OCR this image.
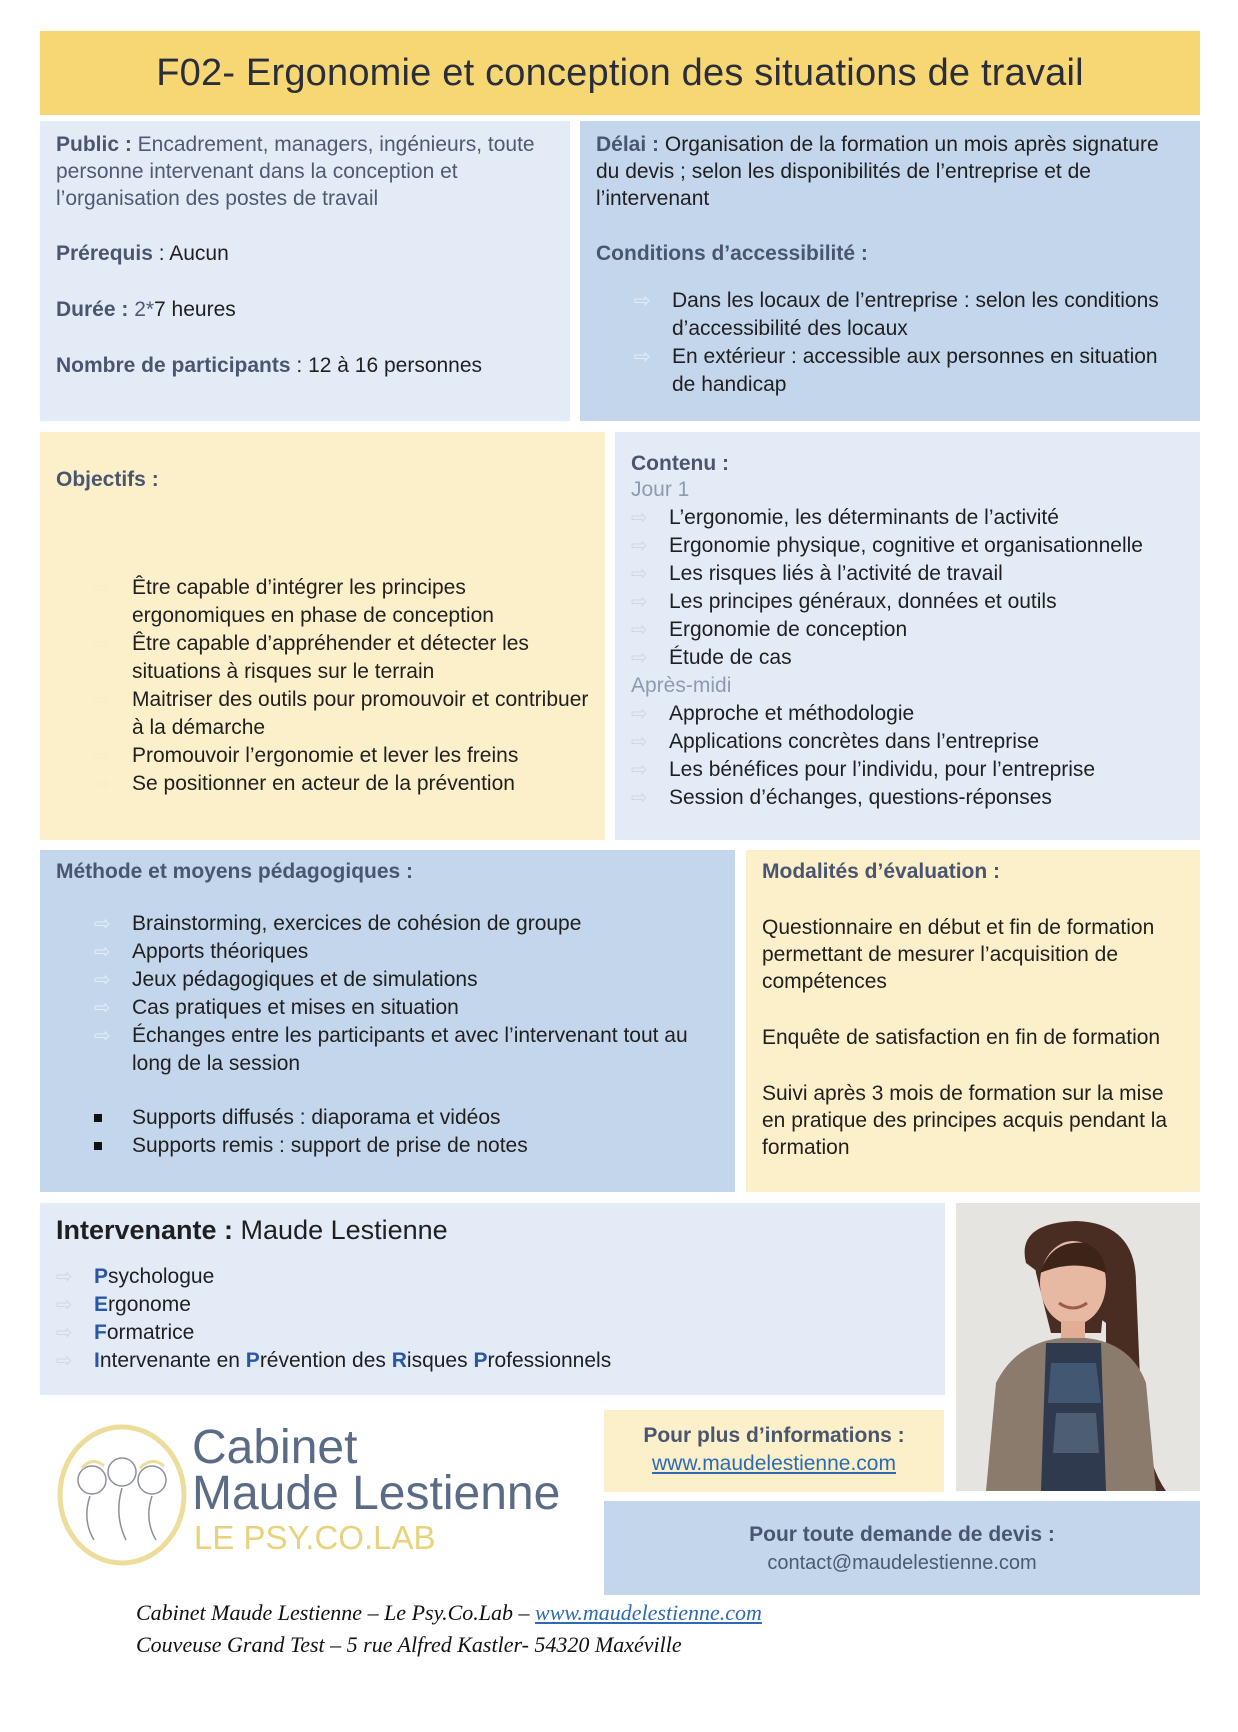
F02- Ergonomie et conception des situations de travail

Public : Encadrement, managers, ingénieurs, toute personne intervenant dans la conception et l’organisation des postes de travail

Prérequis : Aucun

Durée : 2*7 heures

Nombre de participants : 12 à 16 personnes

Délai : Organisation de la formation un mois après signature du devis ; selon les disponibilités de l’entreprise et de l’intervenant

Conditions d’accessibilité :

⇨ Dans les locaux de l’entreprise : selon les conditions d’accessibilité des locaux
⇨ En extérieur : accessible aux personnes en situation de handicap
Objectifs :
⇨ Être capable d’intégrer les principes ergonomiques en phase de conception
⇨ Être capable d’appréhender et détecter les situations à risques sur le terrain
⇨ Maitriser des outils pour promouvoir et contribuer à la démarche
⇨ Promouvoir l’ergonomie et lever les freins
⇨ Se positionner en acteur de la prévention
Contenu :
Jour 1
⇨ L’ergonomie, les déterminants de l’activité
⇨ Ergonomie physique, cognitive et organisationnelle
⇨ Les risques liés à l’activité de travail
⇨ Les principes généraux, données et outils
⇨ Ergonomie de conception
⇨ Étude de cas
Après-midi
⇨ Approche et méthodologie
⇨ Applications concrètes dans l’entreprise
⇨ Les bénéfices pour l’individu, pour l’entreprise
⇨ Session d’échanges, questions-réponses
Méthode et moyens pédagogiques :
⇨ Brainstorming, exercices de cohésion de groupe
⇨ Apports théoriques
⇨ Jeux pédagogiques et de simulations
⇨ Cas pratiques et mises en situation
⇨ Échanges entre les participants et avec l’intervenant tout au long de la session
Supports diffusés : diaporama et vidéos
Supports remis : support de prise de notes
Modalités d’évaluation :

Questionnaire en début et fin de formation permettant de mesurer l’acquisition de compétences

Enquête de satisfaction en fin de formation

Suivi après 3 mois de formation sur la mise en pratique des principes acquis pendant la formation

Intervenante : Maude Lestienne
⇨ Psychologue
⇨ Ergonome
⇨ Formatrice
⇨ Intervenante en Prévention des Risques Professionnels
Cabinet
Maude Lestienne
LE PSY.CO.LAB
Pour plus d’informations :
www.maudelestienne.com
Pour toute demande de devis :
contact@maudelestienne.com
Cabinet Maude Lestienne – Le Psy.Co.Lab – www.maudelestienne.com
Couveuse Grand Test – 5 rue Alfred Kastler- 54320 Maxéville
